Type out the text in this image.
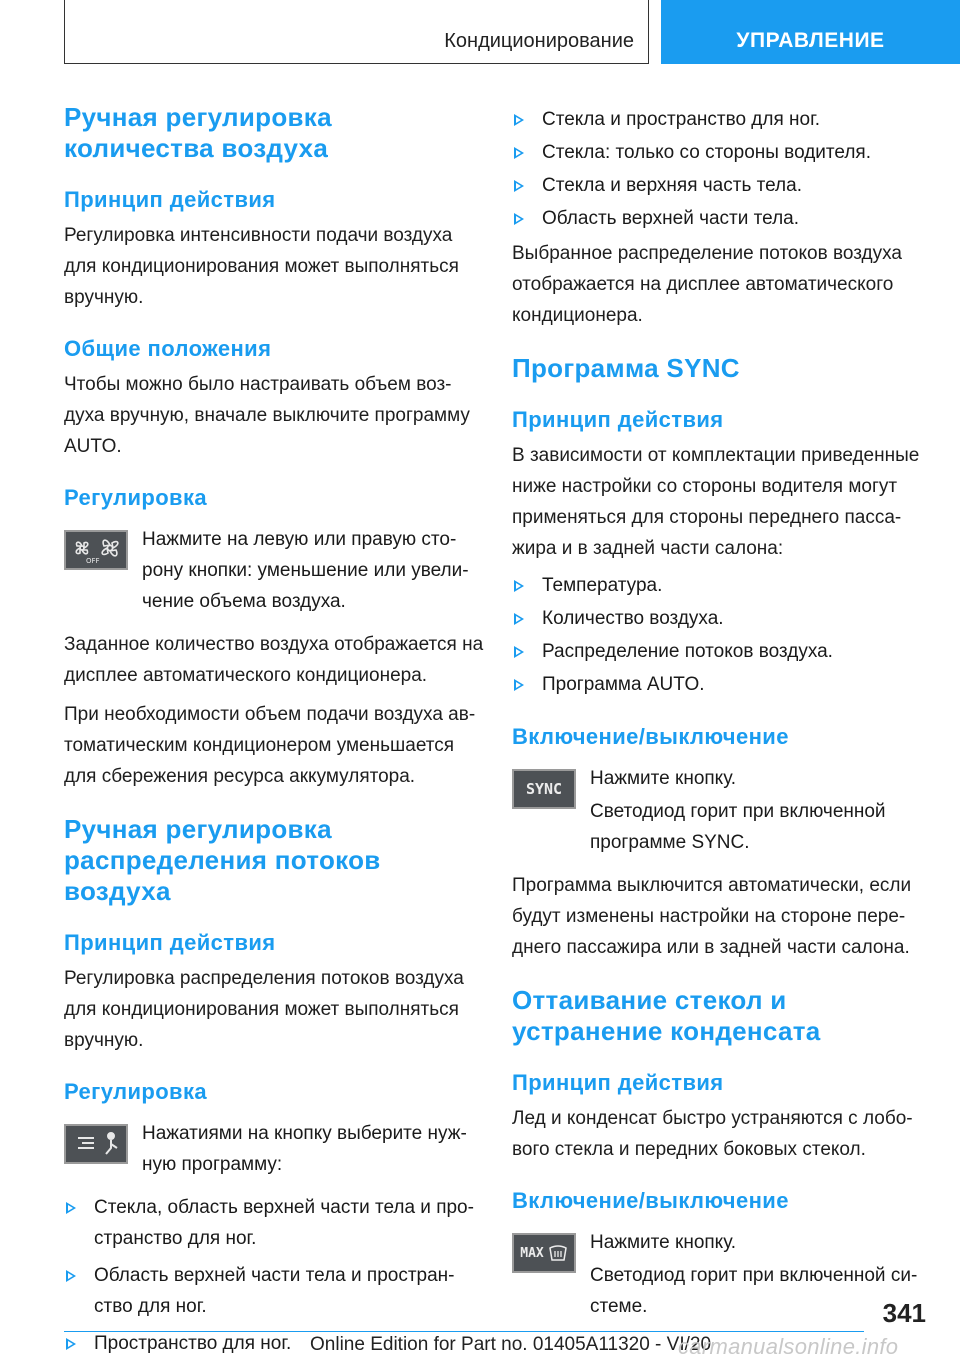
Кондиционирование	УПРАВЛЕНИЕ
Ручная регулировка количества воздуха
Принцип действия
Регулировка интенсивности подачи воздуха для кондиционирования может выполняться вручную.
Общие положения
Чтобы можно было настраивать объем воздуха вручную, вначале выключите программу AUTO.
Регулировка
OFF
Нажмите на левую или правую сторону кнопки: уменьшение или увеличение объема воздуха.
Заданное количество воздуха отображается на дисплее автоматического кондиционера.
При необходимости объем подачи воздуха автоматическим кондиционером уменьшается для сбережения ресурса аккумулятора.
Ручная регулировка распределения потоков воздуха
Принцип действия
Регулировка распределения потоков воздуха для кондиционирования может выполняться вручную.
Регулировка
Нажатиями на кнопку выберите нужную программу:
Стекла, область верхней части тела и пространство для ног.
Область верхней части тела и пространство для ног.
Пространство для ног.
Стекла и пространство для ног.
Стекла: только со стороны водителя.
Стекла и верхняя часть тела.
Область верхней части тела.
Выбранное распределение потоков воздуха отображается на дисплее автоматического кондиционера.
Программа SYNC
Принцип действия
В зависимости от комплектации приведенные ниже настройки со стороны водителя могут применяться для стороны переднего пассажира и в задней части салона:
Температура.
Количество воздуха.
Распределение потоков воздуха.
Программа AUTO.
Включение/выключение
SYNC	Нажмите кнопку.
Светодиод горит при включенной программе SYNC.
Программа выключится автоматически, если будут изменены настройки на стороне переднего пассажира или в задней части салона.
Оттаивание стекол и устранение конденсата
Принцип действия
Лед и конденсат быстро устраняются с лобового стекла и передних боковых стекол.
Включение/выключение
MAX	Нажмите кнопку.
Светодиод горит при включенной системе.	341
Online Edition for Part no. 01405A11320 - VI/20
carmanualsonline.info
